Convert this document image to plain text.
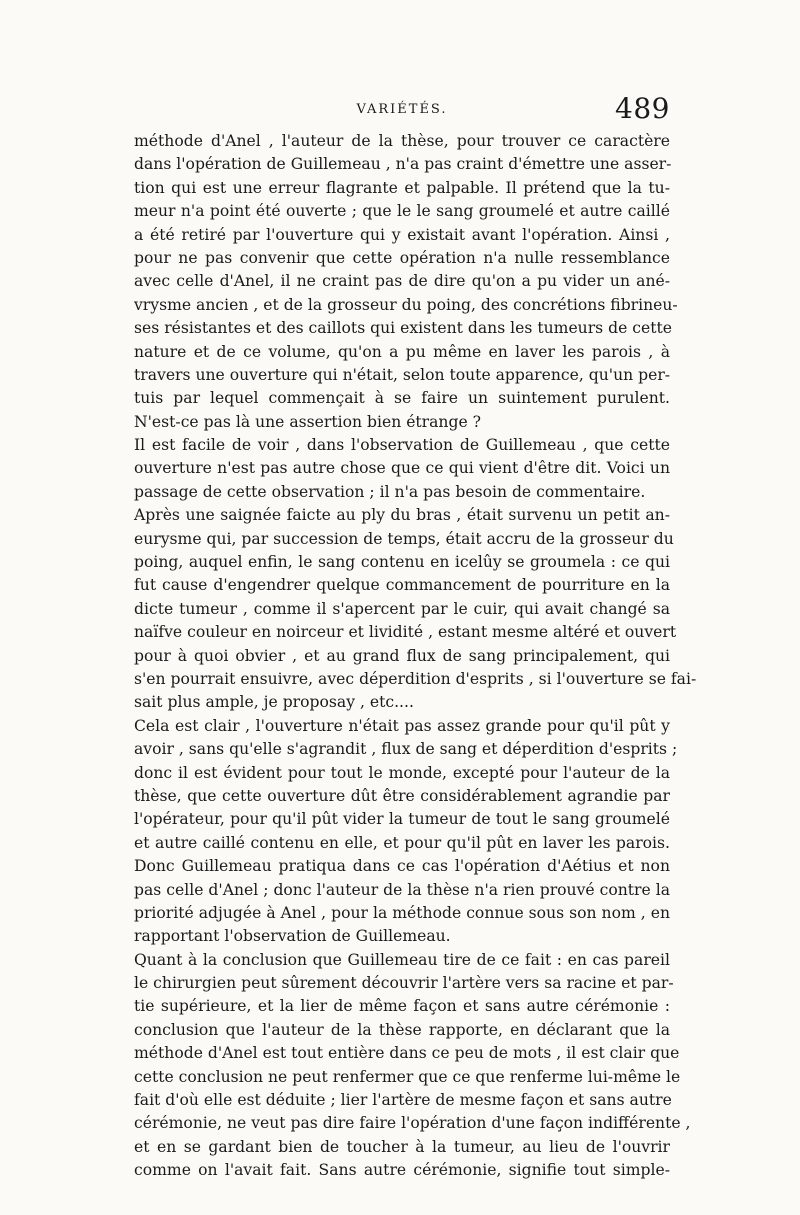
VARIÉTÉS.	489
méthode d'Anel , l'auteur de la thèse, pour trouver ce caractère
dans l'opération de Guillemeau , n'a pas craint d'émettre une asser-
tion qui est une erreur flagrante et palpable. Il prétend que la tu-
meur n'a point été ouverte ; que le le sang groumelé et autre caillé
a été retiré par l'ouverture qui y existait avant l'opération. Ainsi ,
pour ne pas convenir que cette opération n'a nulle ressemblance
avec celle d'Anel, il ne craint pas de dire qu'on a pu vider un ané-
vrysme ancien , et de la grosseur du poing, des concrétions fibrineu-
ses résistantes et des caillots qui existent dans les tumeurs de cette
nature et de ce volume, qu'on a pu même en laver les parois , à
travers une ouverture qui n'était, selon toute apparence, qu'un per-
tuis par lequel commençait à se faire un suintement purulent.
N'est-ce pas là une assertion bien étrange ?
Il est facile de voir , dans l'observation de Guillemeau , que cette
ouverture n'est pas autre chose que ce qui vient d'être dit. Voici un
passage de cette observation ; il n'a pas besoin de commentaire.
Après une saignée faicte au ply du bras , était survenu un petit an-
eurysme qui, par succession de temps, était accru de la grosseur du
poing, auquel enfin, le sang contenu en icelûy se groumela : ce qui
fut cause d'engendrer quelque commancement de pourriture en la
dicte tumeur , comme il s'apercent par le cuir, qui avait changé sa
naïfve couleur en noirceur et lividité , estant mesme altéré et ouvert
pour à quoi obvier , et au grand flux de sang principalement, qui
s'en pourrait ensuivre, avec déperdition d'esprits , si l'ouverture se fai-
sait plus ample, je proposay , etc....
Cela est clair , l'ouverture n'était pas assez grande pour qu'il pût y
avoir , sans qu'elle s'agrandit , flux de sang et déperdition d'esprits ;
donc il est évident pour tout le monde, excepté pour l'auteur de la
thèse, que cette ouverture dût être considérablement agrandie par
l'opérateur, pour qu'il pût vider la tumeur de tout le sang groumelé
et autre caillé contenu en elle, et pour qu'il pût en laver les parois.
Donc Guillemeau pratiqua dans ce cas l'opération d'Aétius et non
pas celle d'Anel ; donc l'auteur de la thèse n'a rien prouvé contre la
priorité adjugée à Anel , pour la méthode connue sous son nom , en
rapportant l'observation de Guillemeau.
Quant à la conclusion que Guillemeau tire de ce fait : en cas pareil
le chirurgien peut sûrement découvrir l'artère vers sa racine et par-
tie supérieure, et la lier de même façon et sans autre cérémonie :
conclusion que l'auteur de la thèse rapporte, en déclarant que la
méthode d'Anel est tout entière dans ce peu de mots , il est clair que
cette conclusion ne peut renfermer que ce que renferme lui-même le
fait d'où elle est déduite ; lier l'artère de mesme façon et sans autre
cérémonie, ne veut pas dire faire l'opération d'une façon indifférente ,
et en se gardant bien de toucher à la tumeur, au lieu de l'ouvrir
comme on l'avait fait. Sans autre cérémonie, signifie tout simple-
